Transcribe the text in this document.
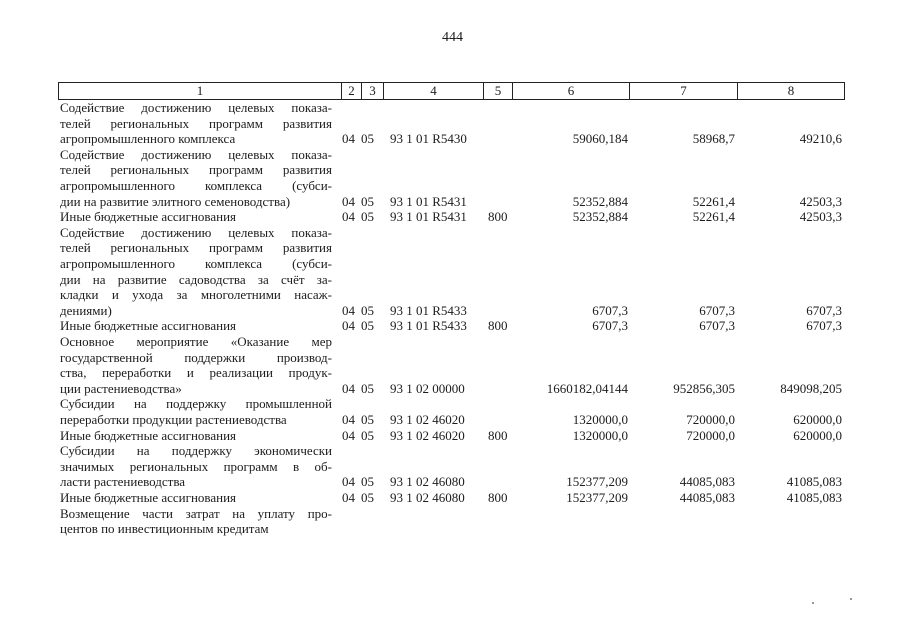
444
1	2	3	4	5	6	7	8
Содействие достижению целевых показа-
телей региональных программ развития
агропромышленного комплекса	04 05 93 1 01 R5430	59060,184	58968,7	49210,6
Содействие достижению целевых показа-
телей региональных программ развития
агропромышленного комплекса (субси-
дии на развитие элитного семеноводства)	04 05 93 1 01 R5431	52352,884	52261,4	42503,3
Иные бюджетные ассигнования	04 05 93 1 01 R5431 800	52352,884	52261,4	42503,3
Содействие достижению целевых показа-
телей региональных программ развития
агропромышленного комплекса (субси-
дии на развитие садоводства за счёт за-
кладки и ухода за многолетними насаж-
дениями)	04 05 93 1 01 R5433	6707,3	6707,3	6707,3
Иные бюджетные ассигнования	04 05 93 1 01 R5433 800	6707,3	6707,3	6707,3
Основное мероприятие «Оказание мер
государственной поддержки производ-
ства, переработки и реализации продук-
ции растениеводства»	04 05 93 1 02 00000	1660182,04144	952856,305	849098,205
Субсидии на поддержку промышленной
переработки продукции растениеводства	04 05 93 1 02 46020	1320000,0	720000,0	620000,0
Иные бюджетные ассигнования	04 05 93 1 02 46020 800	1320000,0	720000,0	620000,0
Субсидии на поддержку экономически
значимых региональных программ в об-
ласти растениеводства	04 05 93 1 02 46080	152377,209	44085,083	41085,083
Иные бюджетные ассигнования	04 05 93 1 02 46080 800	152377,209	44085,083	41085,083
Возмещение части затрат на уплату про-
центов по инвестиционным кредитам
